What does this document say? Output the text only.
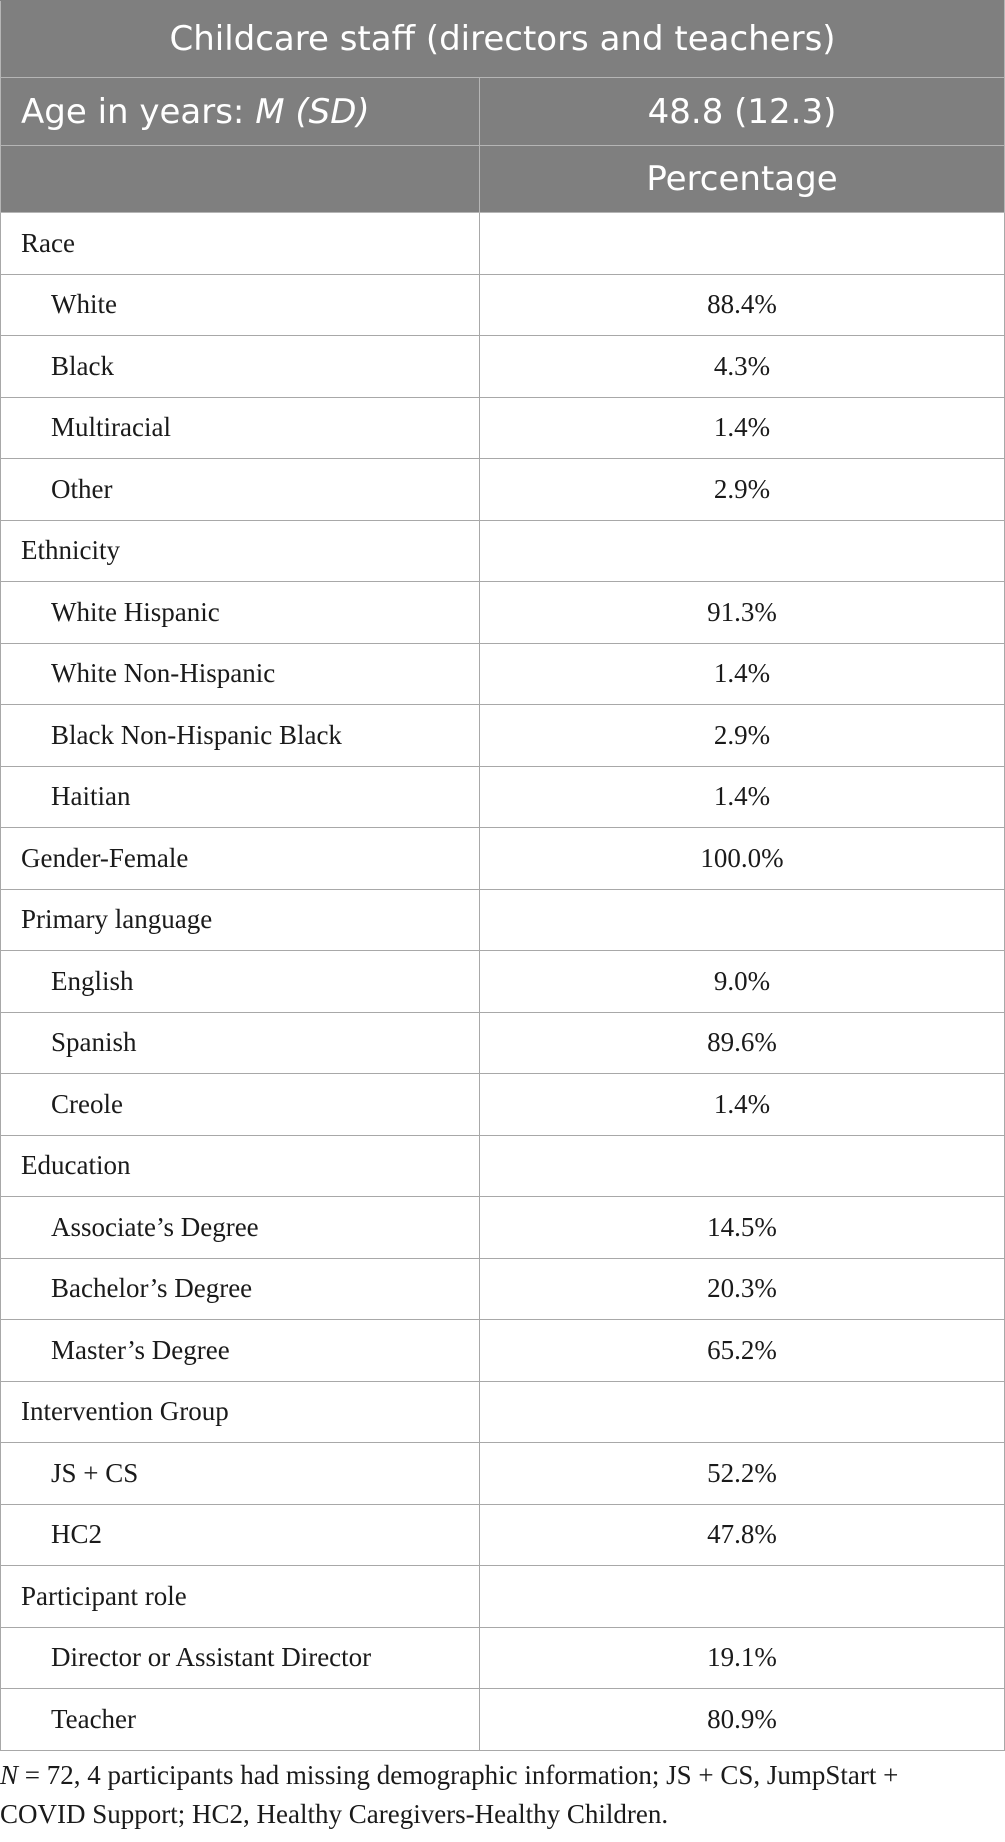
Childcare staff (directors and teachers)	
Age in years: M (SD)	48.8 (12.3)
	Percentage
Race	
White	88.4%
Black	4.3%
Multiracial	1.4%
Other	2.9%
Ethnicity	
White Hispanic	91.3%
White Non-Hispanic	1.4%
Black Non-Hispanic Black	2.9%
Haitian	1.4%
Gender-Female	100.0%
Primary language	
English	9.0%
Spanish	89.6%
Creole	1.4%
Education	
Associate’s Degree	14.5%
Bachelor’s Degree	20.3%
Master’s Degree	65.2%
Intervention Group	
JS + CS	52.2%
HC2	47.8%
Participant role	
Director or Assistant Director	19.1%
Teacher	80.9%
N = 72, 4 participants had missing demographic information; JS + CS, JumpStart + COVID Support; HC2, Healthy Caregivers-Healthy Children.
